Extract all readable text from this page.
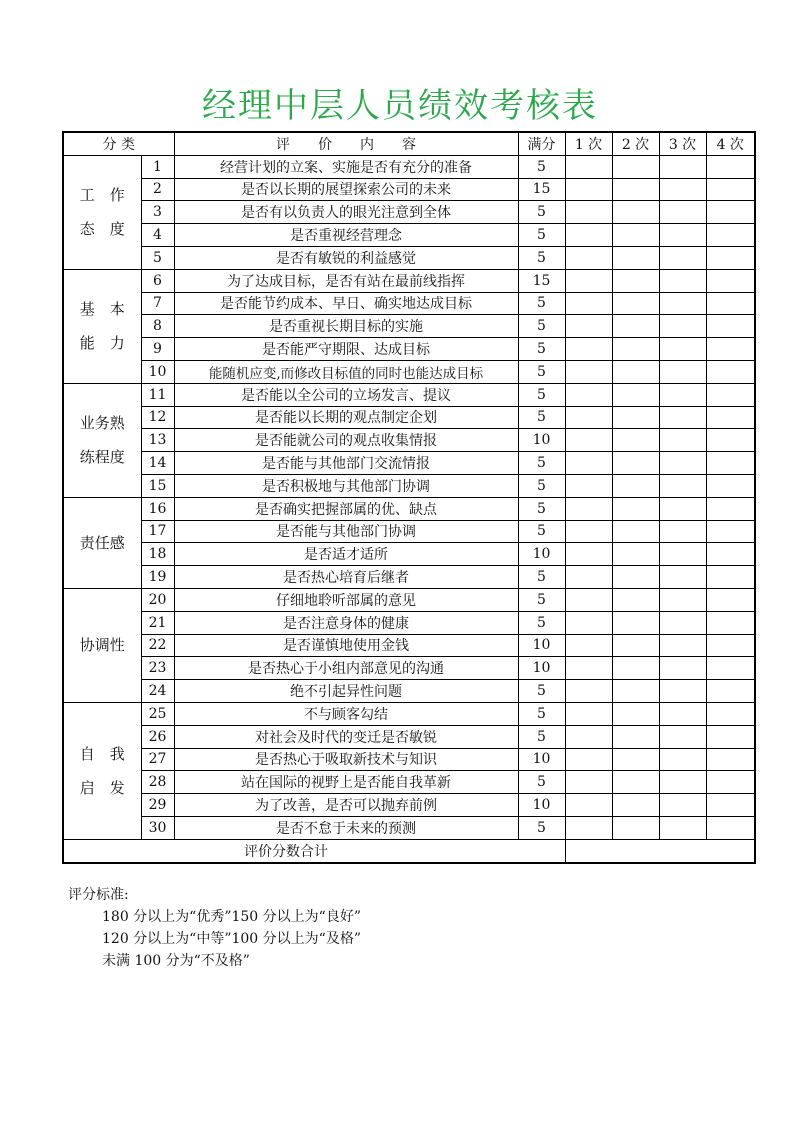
经理中层人员绩效考核表
分 类		评　　价　　内　　容	满分	1 次	2 次	3 次	4 次

工　作
态　度	1	经营计划的立案、实施是否有充分的准备	5				
	2	是否以长期的展望探索公司的未来	15				
	3	是否有以负责人的眼光注意到全体	5				
	4	是否重视经营理念	5				
	5	是否有敏锐的利益感觉	5				

基　本
能　力	6	为了达成目标，是否有站在最前线指挥	15				
	7	是否能节约成本、早日、确实地达成目标	5				
	8	是否重视长期目标的实施	5				
	9	是否能严守期限、达成目标	5				
	10	能随机应变,而修改目标值的同时也能达成目标	5				

业务熟
练程度	11	是否能以全公司的立场发言、提议	5				
	12	是否能以长期的观点制定企划	5				
	13	是否能就公司的观点收集情报	10				
	14	是否能与其他部门交流情报	5				
	15	是否积极地与其他部门协调	5				

责任感	16	是否确实把握部属的优、缺点	5				
	17	是否能与其他部门协调	5				
	18	是否适才适所	10				
	19	是否热心培育后继者	5				

协调性	20	仔细地聆听部属的意见	5				
	21	是否注意身体的健康	5				
	22	是否谨慎地使用金钱	10				
	23	是否热心于小组内部意见的沟通	10				
	24	绝不引起异性问题	5				

自　我
启　发	25	不与顾客勾结	5				
	26	对社会及时代的变迁是否敏锐	5				
	27	是否热心于吸取新技术与知识	10				
	28	站在国际的视野上是否能自我革新	5				
	29	为了改善，是否可以抛弃前例	10				
	30	是否不怠于未来的预测	5				
评价分数合计							
评分标准:
180 分以上为“优秀”150 分以上为“良好”
120 分以上为“中等”100 分以上为“及格”
未满 100 分为“不及格”
